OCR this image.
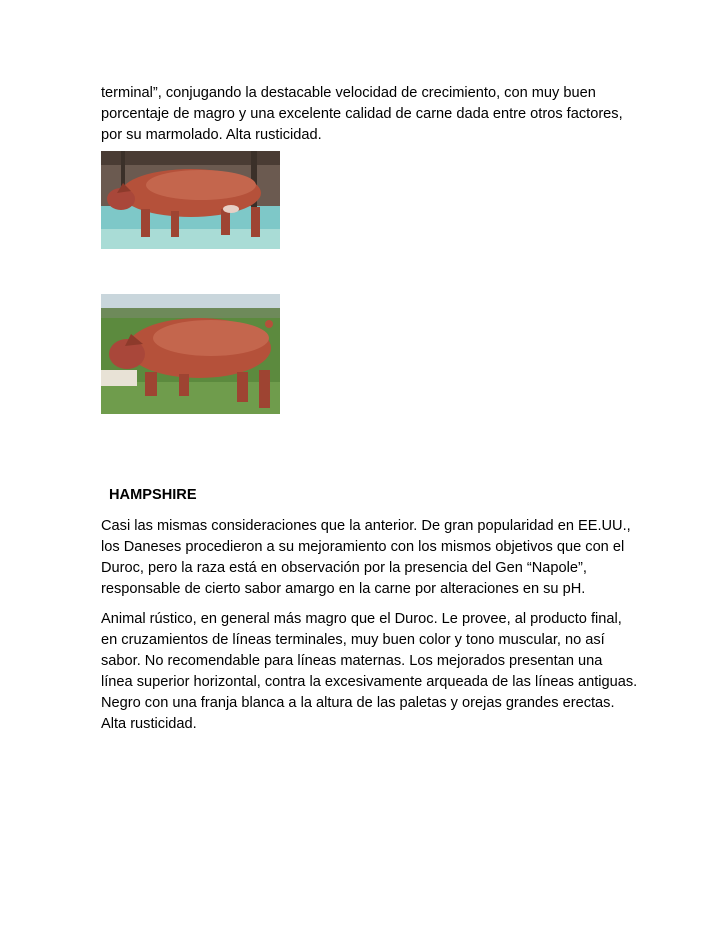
terminal”, conjugando la destacable velocidad de crecimiento, con muy buen
porcentaje de magro y una excelente calidad de carne dada entre otros factores,
por su marmolado. Alta rusticidad.

HAMPSHIRE

Casi las mismas consideraciones que la anterior. De gran popularidad en EE.UU.,
los Daneses procedieron a su mejoramiento con los mismos objetivos que con el
Duroc, pero la raza está en observación por la presencia del Gen “Napole”,
responsable de cierto sabor amargo en la carne por alteraciones en su pH.

Animal rústico, en general más magro que el Duroc. Le provee, al producto final,
en cruzamientos de líneas terminales, muy buen color y tono muscular, no así
sabor. No recomendable para líneas maternas. Los mejorados presentan una
línea superior horizontal, contra la excesivamente arqueada de las líneas antiguas.
Negro con una franja blanca a la altura de las paletas y orejas grandes erectas.
Alta rusticidad.
